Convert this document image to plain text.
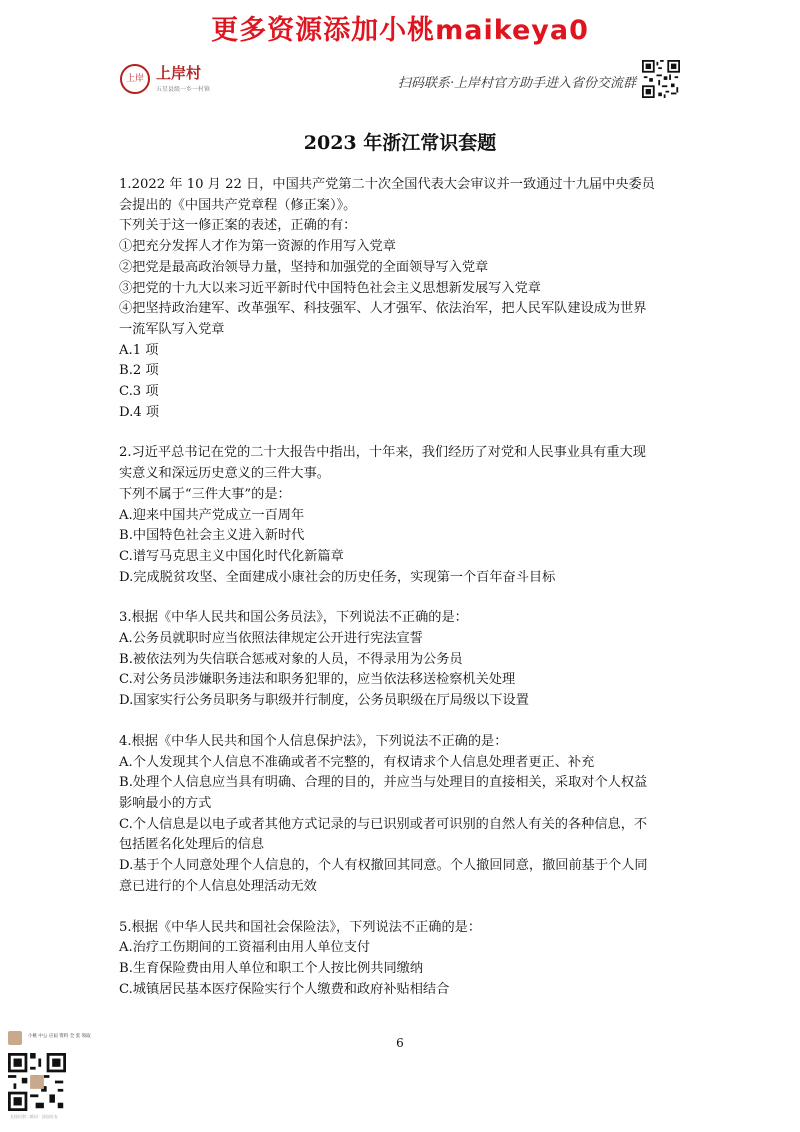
更多资源添加小桃maikeya0
上岸 上岸村
五星县级一乡一村镇	扫码联系·上岸村官方助手进入省份交流群
2023 年浙江常识套题
1.2022 年 10 月 22 日，中国共产党第二十次全国代表大会审议并一致通过十九届中央委员
会提出的《中国共产党章程（修正案）》。
下列关于这一修正案的表述，正确的有：
①把充分发挥人才作为第一资源的作用写入党章
②把党是最高政治领导力量，坚持和加强党的全面领导写入党章
③把党的十九大以来习近平新时代中国特色社会主义思想新发展写入党章
④把坚持政治建军、改革强军、科技强军、人才强军、依法治军，把人民军队建设成为世界
一流军队写入党章
A.1 项
B.2 项
C.3 项
D.4 项
2.习近平总书记在党的二十大报告中指出，十年来，我们经历了对党和人民事业具有重大现
实意义和深远历史意义的三件大事。
下列不属于“三件大事”的是：
A.迎来中国共产党成立一百周年
B.中国特色社会主义进入新时代
C.谱写马克思主义中国化时代化新篇章
D.完成脱贫攻坚、全面建成小康社会的历史任务，实现第一个百年奋斗目标
3.根据《中华人民共和国公务员法》，下列说法不正确的是：
A.公务员就职时应当依照法律规定公开进行宪法宣誓
B.被依法列为失信联合惩戒对象的人员，不得录用为公务员
C.对公务员涉嫌职务违法和职务犯罪的，应当依法移送检察机关处理
D.国家实行公务员职务与职级并行制度，公务员职级在厅局级以下设置
4.根据《中华人民共和国个人信息保护法》，下列说法不正确的是：
A.个人发现其个人信息不准确或者不完整的，有权请求个人信息处理者更正、补充
B.处理个人信息应当具有明确、合理的目的，并应当与处理目的直接相关，采取对个人权益
影响最小的方式
C.个人信息是以电子或者其他方式记录的与已识别或者可识别的自然人有关的各种信息，不
包括匿名化处理后的信息
D.基于个人同意处理个人信息的，个人有权撤回其同意。个人撤回同意，撤回前基于个人同
意已进行的个人信息处理活动无效
5.根据《中华人民共和国社会保险法》，下列说法不正确的是：
A.治疗工伤期间的工资福利由用人单位支付
B.生育保险费由用人单位和职工个人按比例共同缴纳
C.城镇居民基本医疗保险实行个人缴费和政府补贴相结合
6
小桃 中公 应届 资料 全 套 领取
长按识别二维码 · 添加好友
